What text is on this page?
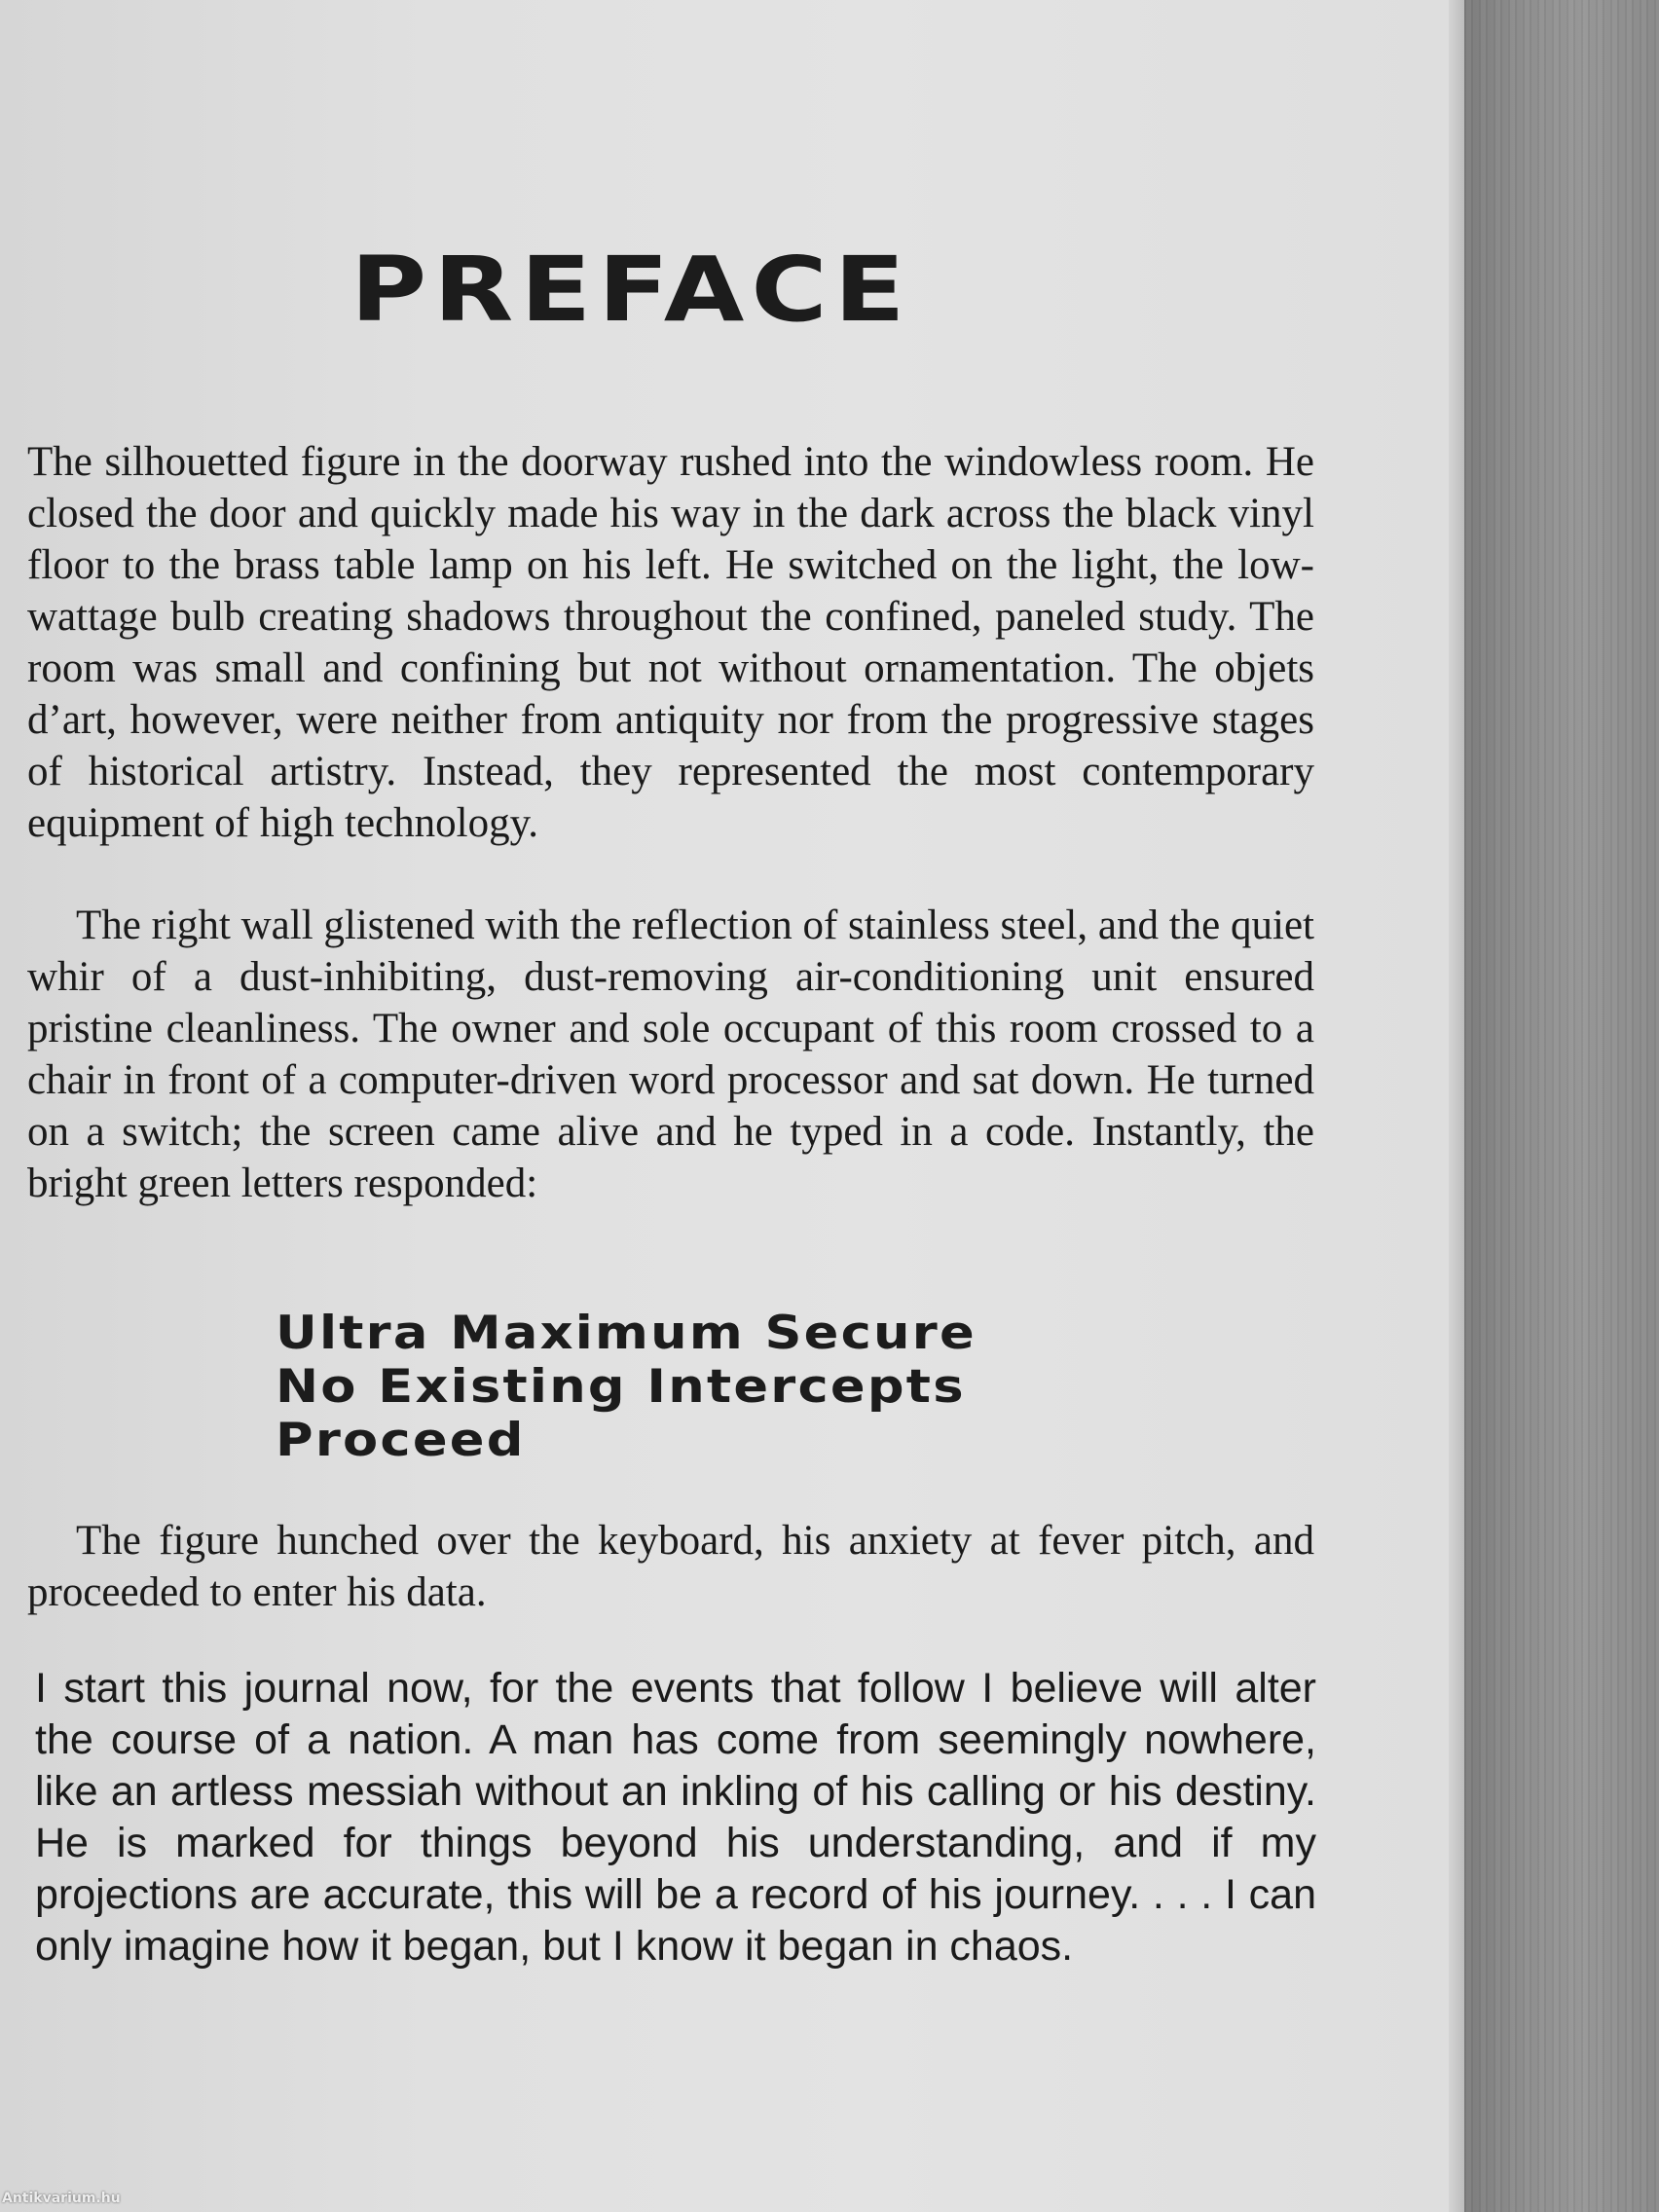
PREFACE

The silhouetted figure in the doorway rushed into the windowless room. He closed the door and quickly made his way in the dark across the black vinyl floor to the brass table lamp on his left. He switched on the light, the low-wattage bulb creating shadows throughout the confined, paneled study. The room was small and confining but not without ornamentation. The objets d’art, however, were neither from antiquity nor from the progressive stages of historical artistry. Instead, they represented the most contemporary equipment of high technology.

The right wall glistened with the reflection of stainless steel, and the quiet whir of a dust-inhibiting, dust-removing air-conditioning unit ensured pristine cleanliness. The owner and sole occupant of this room crossed to a chair in front of a computer-driven word processor and sat down. He turned on a switch; the screen came alive and he typed in a code. Instantly, the bright green letters responded:

Ultra Maximum Secure
No Existing Intercepts
Proceed

The figure hunched over the keyboard, his anxiety at fever pitch, and proceeded to enter his data.

I start this journal now, for the events that follow I believe will alter the course of a nation. A man has come from seemingly nowhere, like an artless messiah without an inkling of his calling or his destiny. He is marked for things beyond his understanding, and if my projections are accurate, this will be a record of his journey. . . . I can only imagine how it began, but I know it began in chaos.

Antikvarium.hu
